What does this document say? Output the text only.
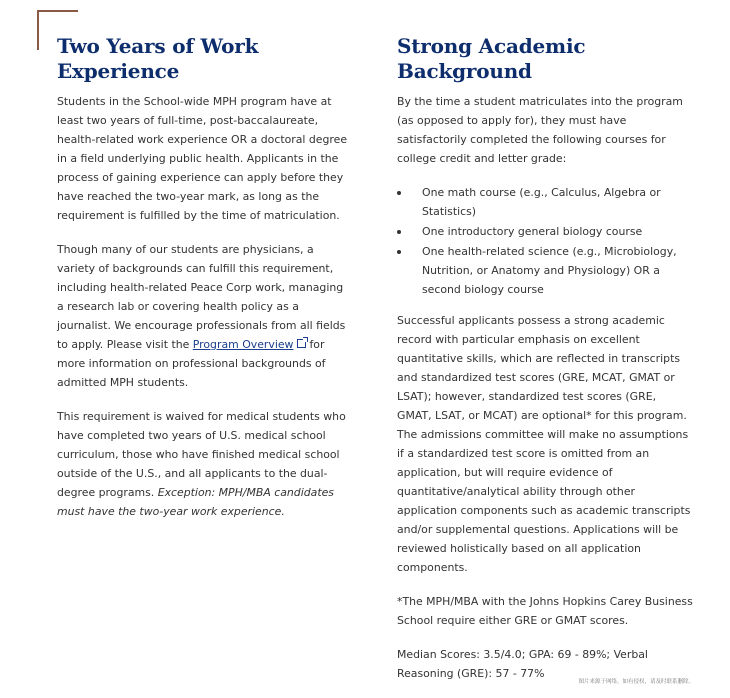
Two Years of Work Experience

Students in the School-wide MPH program have at least two years of full-time, post-baccalaureate, health-related work experience OR a doctoral degree in a field underlying public health. Applicants in the process of gaining experience can apply before they have reached the two-year mark, as long as the requirement is fulfilled by the time of matriculation.

Though many of our students are physicians, a variety of backgrounds can fulfill this requirement, including health-related Peace Corp work, managing a research lab or covering health policy as a journalist. We encourage professionals from all fields to apply. Please visit the Program Overview for more information on professional backgrounds of admitted MPH students.

This requirement is waived for medical students who have completed two years of U.S. medical school curriculum, those who have finished medical school outside of the U.S., and all applicants to the dual-degree programs. Exception: MPH/MBA candidates must have the two-year work experience.

Strong Academic Background

By the time a student matriculates into the program (as opposed to apply for), they must have satisfactorily completed the following courses for college credit and letter grade:

One math course (e.g., Calculus, Algebra or Statistics)
One introductory general biology course
One health-related science (e.g., Microbiology, Nutrition, or Anatomy and Physiology) OR a second biology course

Successful applicants possess a strong academic record with particular emphasis on excellent quantitative skills, which are reflected in transcripts and standardized test scores (GRE, MCAT, GMAT or LSAT); however, standardized test scores (GRE, GMAT, LSAT, or MCAT) are optional* for this program. The admissions committee will make no assumptions if a standardized test score is omitted from an application, but will require evidence of quantitative/analytical ability through other application components such as academic transcripts and/or supplemental questions. Applications will be reviewed holistically based on all application components.

*The MPH/MBA with the Johns Hopkins Carey Business School require either GRE or GMAT scores.

Median Scores: 3.5/4.0; GPA: 69 - 89%; Verbal Reasoning (GRE): 57 - 77%

图片来源于网络，如有侵权，请及时联系删除。
